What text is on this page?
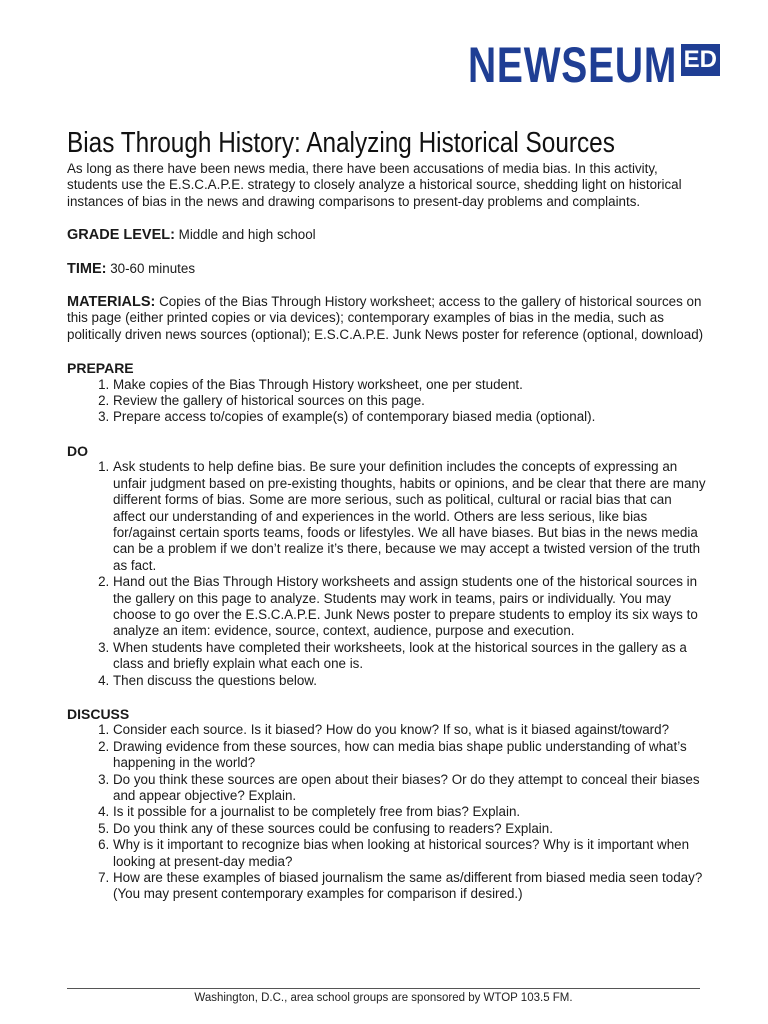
NEWSEUM ED
Bias Through History: Analyzing Historical Sources

As long as there have been news media, there have been accusations of media bias. In this activity, students use the E.S.C.A.P.E. strategy to closely analyze a historical source, shedding light on historical instances of bias in the news and drawing comparisons to present-day problems and complaints.

GRADE LEVEL: Middle and high school

TIME: 30-60 minutes

MATERIALS: Copies of the Bias Through History worksheet; access to the gallery of historical sources on this page (either printed copies or via devices); contemporary examples of bias in the media, such as politically driven news sources (optional); E.S.C.A.P.E. Junk News poster for reference (optional, download)

PREPARE

1. Make copies of the Bias Through History worksheet, one per student.
2. Review the gallery of historical sources on this page.
3. Prepare access to/copies of example(s) of contemporary biased media (optional).

DO

1. Ask students to help define bias. Be sure your definition includes the concepts of expressing an unfair judgment based on pre-existing thoughts, habits or opinions, and be clear that there are many different forms of bias. Some are more serious, such as political, cultural or racial bias that can affect our understanding of and experiences in the world. Others are less serious, like bias for/against certain sports teams, foods or lifestyles. We all have biases. But bias in the news media can be a problem if we don’t realize it’s there, because we may accept a twisted version of the truth as fact.
2. Hand out the Bias Through History worksheets and assign students one of the historical sources in the gallery on this page to analyze. Students may work in teams, pairs or individually. You may choose to go over the E.S.C.A.P.E. Junk News poster to prepare students to employ its six ways to analyze an item: evidence, source, context, audience, purpose and execution.
3. When students have completed their worksheets, look at the historical sources in the gallery as a class and briefly explain what each one is.
4. Then discuss the questions below.

DISCUSS

1. Consider each source. Is it biased? How do you know? If so, what is it biased against/toward?
2. Drawing evidence from these sources, how can media bias shape public understanding of what’s happening in the world?
3. Do you think these sources are open about their biases? Or do they attempt to conceal their biases and appear objective? Explain.
4. Is it possible for a journalist to be completely free from bias? Explain.
5. Do you think any of these sources could be confusing to readers? Explain.
6. Why is it important to recognize bias when looking at historical sources? Why is it important when looking at present-day media?
7. How are these examples of biased journalism the same as/different from biased media seen today? (You may present contemporary examples for comparison if desired.)
Washington, D.C., area school groups are sponsored by WTOP 103.5 FM.
